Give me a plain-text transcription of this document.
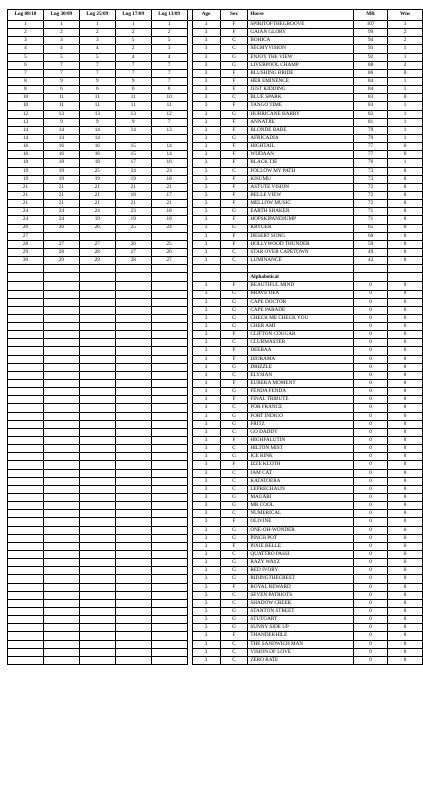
Log 08/10	Log 30/09	Log 25/09	Log 17/09	Log 13/09		Age	Sex	Horse	MR	Wns
1	1	1	1	1		3	F	SPIRITOFTHEGROOVE	107	3
2	2	2	2	2		3	F	GAIAN GLORY	99	2
3	3	3	5	5		3	C	BOHICA	94	2
4	4	4	2	3		3	C	SECMYVISION	93	1
5	5	5	4	4		3	G	ENJOY THE VIEW	92	1
6	7	7	7	7		3	G	LIVERPOOL CHAMP	88	2
7	7	7	7	7		3	F	BLUSHING BRIDE	86	0
8	9	9	9	7		3	F	HER EMINENCE	84	1
8	6	6	6	6		3	F	JUST KIDDING	84	1
10	11	11	11	10		3	C	BLUE SPARK	83	0
10	11	11	11	11		3	F	TANGO TIME	83	1
12	13	13	13	12		3	G	HURRICANE HARRY	82	1
13	9	9	9	7		3	F	ANNATJIE	81	1
14	14	14	14	13		3	F	BLONDE BABE	79	1
14	14	14				3	G	AFRICADIA	79	1
16	16	16	15	14		3	F	HIGHTAIL	77	0
16	16	16	15	14		3	F	WIJDAAN	77	0
18	18	18	17	16		3	F	BLACK TIE	76	1
19	19	25	24	23		3	C	FOLLOW MY PATH	73	0
19	19	19	19	18		3	F	KISUMU	73	0
21	21	21	21	21		3	F	ASTUTE VISION	72	0
21	21	21	18	17		3	F	BELLE VIEW	72	0
21	21	21	21	21		3	F	MELLOW MUSIC	72	0
24	24	24	23	18		3	G	EARTH SHAKER	71	0
24	24	19	19	18		3	F	HOPSKIPANDJUMP	71	0
26	26	26	25	24		3	G	KRYGER	65	0
27						3	F	DESERT SONG	60	0
28	27	27	26	25		3	F	HOLLYWOOD THUNDER	59	0
29	28	28	27	26		3	C	STAR OVER CAPETOWN	49	0
30	29	29	28	27		3	C	LUMINANCE	42	0

								Alphabetical		
						3	F	BEAUTIFUL MIND	0	0
						3	G	BRAVE DEA	0	0
						3	G	CAPE DOCTOR	0	0
						3	G	CAPE PARADE	0	0
						3	G	CHECK ME CHECK YOU	0	0
						3	G	CHER AMI	0	0
						3	F	CLIFTON COUGAR	0	0
						3	C	CLUBMASTER	0	0
						3	F	DEEBAA	0	0
						3	F	DIORAMA	0	0
						3	G	DRIZZLE	0	0
						3	C	ELYSIAN	0	0
						3	F	EUREKA MOMENT	0	0
						3	G	FENDA FENDA	0	0
						3	F	FINAL TRIBUTE	0	0
						3	C	FOR FRANCE	0	0
						3	G	FORT INDIGO	0	0
						3	G	FRITZ	0	0
						3	C	GO DADDY	0	0
						3	F	HIGHFALUTIN	0	0
						3	C	HILTON MIST	0	0
						3	G	ICE RINK	0	0
						3	F	IZZE KLOTH	0	0
						3	C	JAM CAT	0	0
						3	C	KATATOERA	0	0
						3	C	LEPRECHAUN	0	0
						3	G	MAGARI	0	0
						3	G	MR COOL	0	0
						3	C	NUMERICAL	0	0
						3	F	OLIVINE	0	0
						3	G	ONE-OH-WONDER	0	0
						3	G	PINCH POT	0	0
						3	F	PIXIE BELLE	0	0
						3	C	QUATTRO PASSI	0	0
						3	G	RAZY WAYZ	0	0
						3	G	RED IVORY	0	0
						3	G	RIDINGTHECREST	0	0
						3	F	ROYAL REWARD	0	0
						3	C	SEVEN PATRIOTS	0	0
						3	C	SHADOW CREEK	0	0
						3	G	STANTON STREET	0	0
						3	G	STUTGART	0	0
						3	G	SUNNY SIDE UP	0	0
						3	F	THANDEKHILE	0	0
						3	C	THE SANDWICH MAN	0	0
						3	C	VISION OF LOVE	0	0
						3	C	ZERO RATE	0	0
